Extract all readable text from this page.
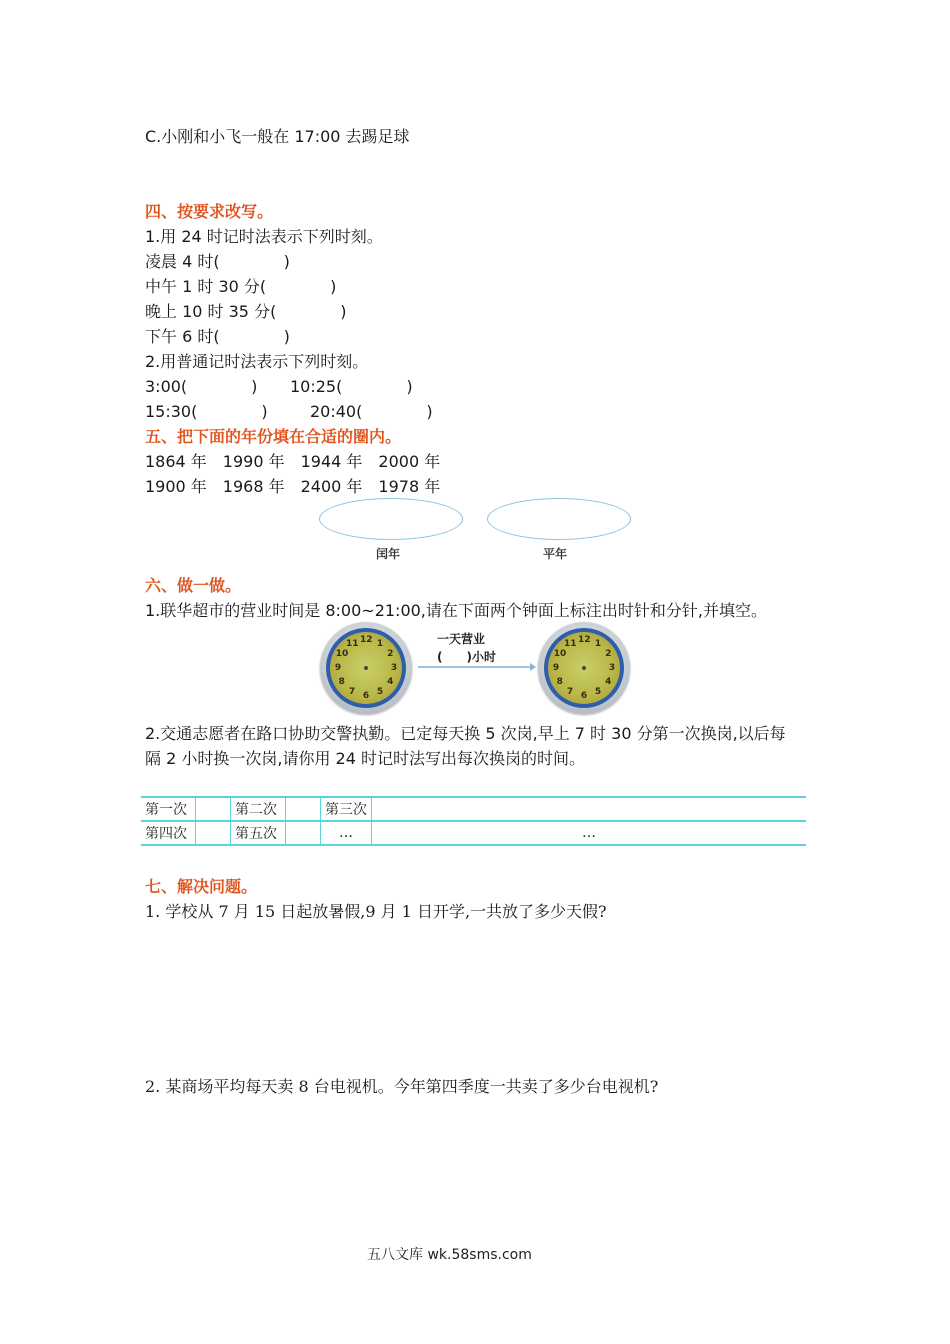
C.小刚和小飞一般在 17:00 去踢足球
四、按要求改写。
1.用 24 时记时法表示下列时刻。
凌晨 4 时(　　　　)
中午 1 时 30 分(　　　　)
晚上 10 时 35 分(　　　　)
下午 6 时(　　　　)
2.用普通记时法表示下列时刻。
3:00(　　　　) 10:25(　　　　)
15:30(　　　　)	20:40(　　　　)
五、把下面的年份填在合适的圈内。
1864 年　1990 年　1944 年　2000 年
1900 年　1968 年　2400 年　1978 年
闰年	平年
六、做一做。
1.联华超市的营业时间是 8:00~21:00,请在下面两个钟面上标注出时针和分针,并填空。
12 1
2
3
4
5
6
7
8
9
10
11	一天营业
(　　)小时
12 1
2
3
4
5
6
7
8
9
10
11
2.交通志愿者在路口协助交警执勤。已定每天换 5 次岗,早上 7 时 30 分第一次换岗,以后每
隔 2 小时换一次岗,请你用 24 时记时法写出每次换岗的时间。
第一次		第二次		第三次	
第四次		第五次		…	…
七、解决问题。
1. 学校从 7 月 15 日起放暑假,9 月 1 日开学,一共放了多少天假?
2. 某商场平均每天卖 8 台电视机。今年第四季度一共卖了多少台电视机?
五八文库 wk.58sms.com
